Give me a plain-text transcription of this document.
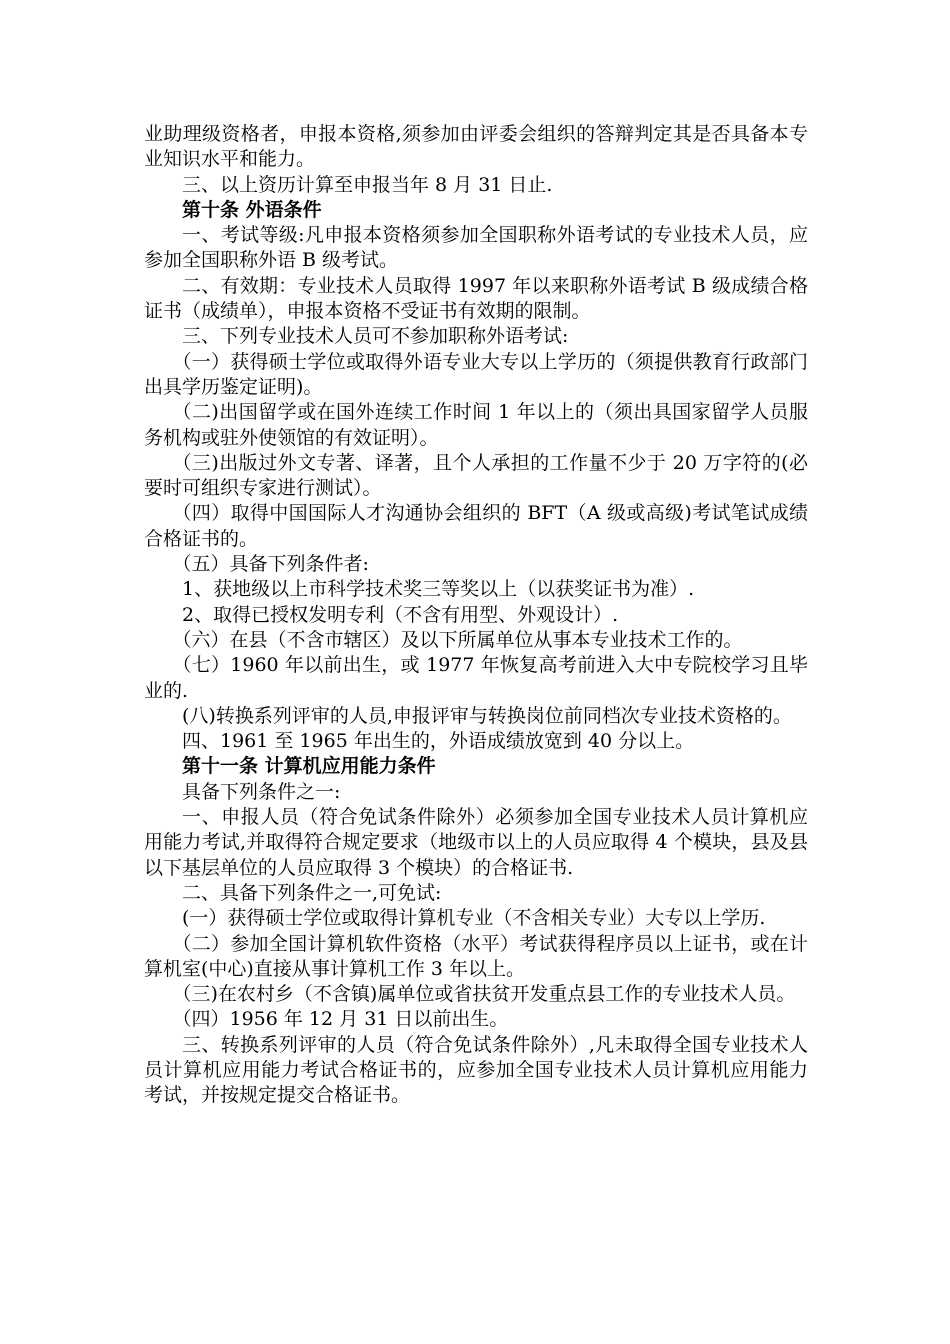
业助理级资格者，申报本资格,须参加由评委会组织的答辩判定其是否具备本专业知识水平和能力。

三、以上资历计算至申报当年 8 月 31 日止.

第十条 外语条件

一、考试等级:凡申报本资格须参加全国职称外语考试的专业技术人员，应参加全国职称外语 B 级考试。

二、有效期：专业技术人员取得 1997 年以来职称外语考试 B 级成绩合格证书（成绩单），申报本资格不受证书有效期的限制。

三、下列专业技术人员可不参加职称外语考试:

（一）获得硕士学位或取得外语专业大专以上学历的（须提供教育行政部门出具学历鉴定证明)。

（二)出国留学或在国外连续工作时间 1 年以上的（须出具国家留学人员服务机构或驻外使领馆的有效证明）。

（三)出版过外文专著、译著，且个人承担的工作量不少于 20 万字符的(必要时可组织专家进行测试）。

（四）取得中国国际人才沟通协会组织的 BFT（A 级或高级)考试笔试成绩合格证书的。

（五）具备下列条件者:

1、获地级以上市科学技术奖三等奖以上（以获奖证书为准）.

2、取得已授权发明专利（不含有用型、外观设计）.

（六）在县（不含市辖区）及以下所属单位从事本专业技术工作的。

（七）1960 年以前出生，或 1977 年恢复高考前进入大中专院校学习且毕业的.

(八)转换系列评审的人员,申报评审与转换岗位前同档次专业技术资格的。

四、1961 至 1965 年出生的，外语成绩放宽到 40 分以上。

第十一条 计算机应用能力条件

具备下列条件之一:

一、申报人员（符合免试条件除外）必须参加全国专业技术人员计算机应用能力考试,并取得符合规定要求（地级市以上的人员应取得 4 个模块，县及县以下基层单位的人员应取得 3 个模块）的合格证书.

二、具备下列条件之一,可免试:

(一）获得硕士学位或取得计算机专业（不含相关专业）大专以上学历.

（二）参加全国计算机软件资格（水平）考试获得程序员以上证书，或在计算机室(中心)直接从事计算机工作 3 年以上。

（三)在农村乡（不含镇)属单位或省扶贫开发重点县工作的专业技术人员。

（四）1956 年 12 月 31 日以前出生。

三、转换系列评审的人员（符合免试条件除外）,凡未取得全国专业技术人员计算机应用能力考试合格证书的，应参加全国专业技术人员计算机应用能力考试，并按规定提交合格证书。
